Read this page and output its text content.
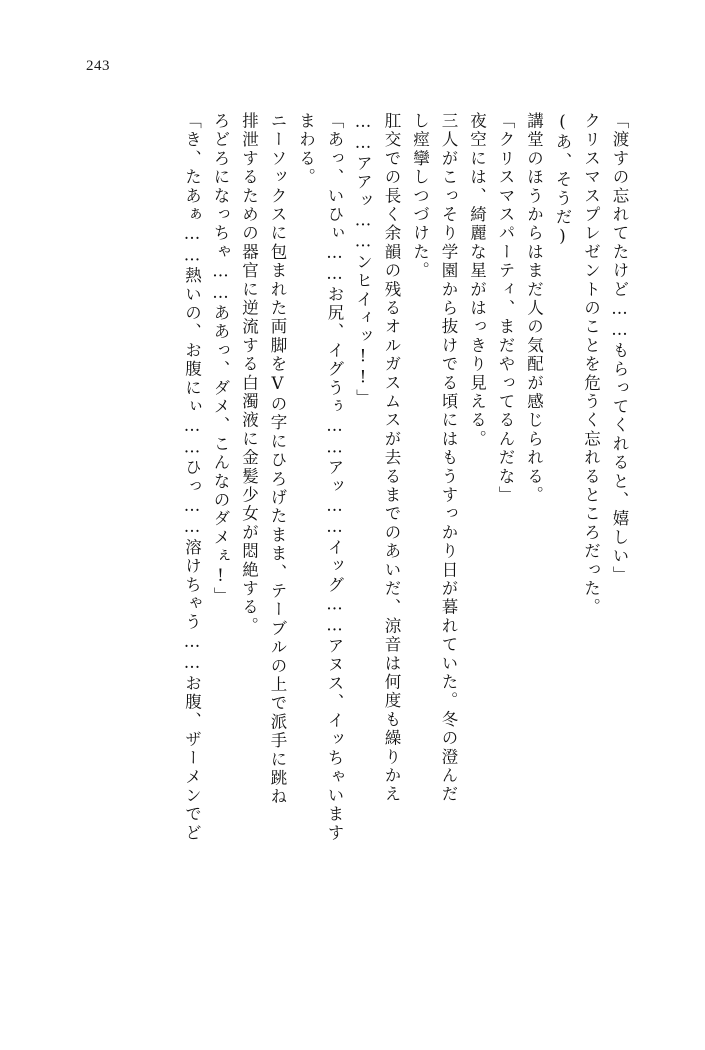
243
「き、たあぁ……熱いの、お腹にぃ……ひっ……溶けちゃう……お腹、ザーメンでど ろどろになっちゃ……ああっ、ダメ、こんなのダメぇ!」 排泄するための器官に逆流する白濁液に金髪少女が悶絶する。 ニーソックスに包まれた両脚をVの字にひろげたまま、テーブルの上で派手に跳ね まわる。 「あっ、いひぃ……お尻、イグうぅ……アッ……イッグ……アヌス、イッちゃいます ……アアッ……ンヒイィッ!!」 肛交での長く余韻の残るオルガスムスが去るまでのあいだ、涼音は何度も繰りかえ し痙攣しつづけた。 三人がこっそり学園から抜けでる頃にはもうすっかり日が暮れていた。冬の澄んだ 夜空には、綺麗な星がはっきり見える。 「クリスマスパーティ、まだやってるんだな」 講堂のほうからはまだ人の気配が感じられる。 (あ、そうだ) クリスマスプレゼントのことを危うく忘れるところだった。 「渡すの忘れてたけど……もらってくれると、嬉しい」
